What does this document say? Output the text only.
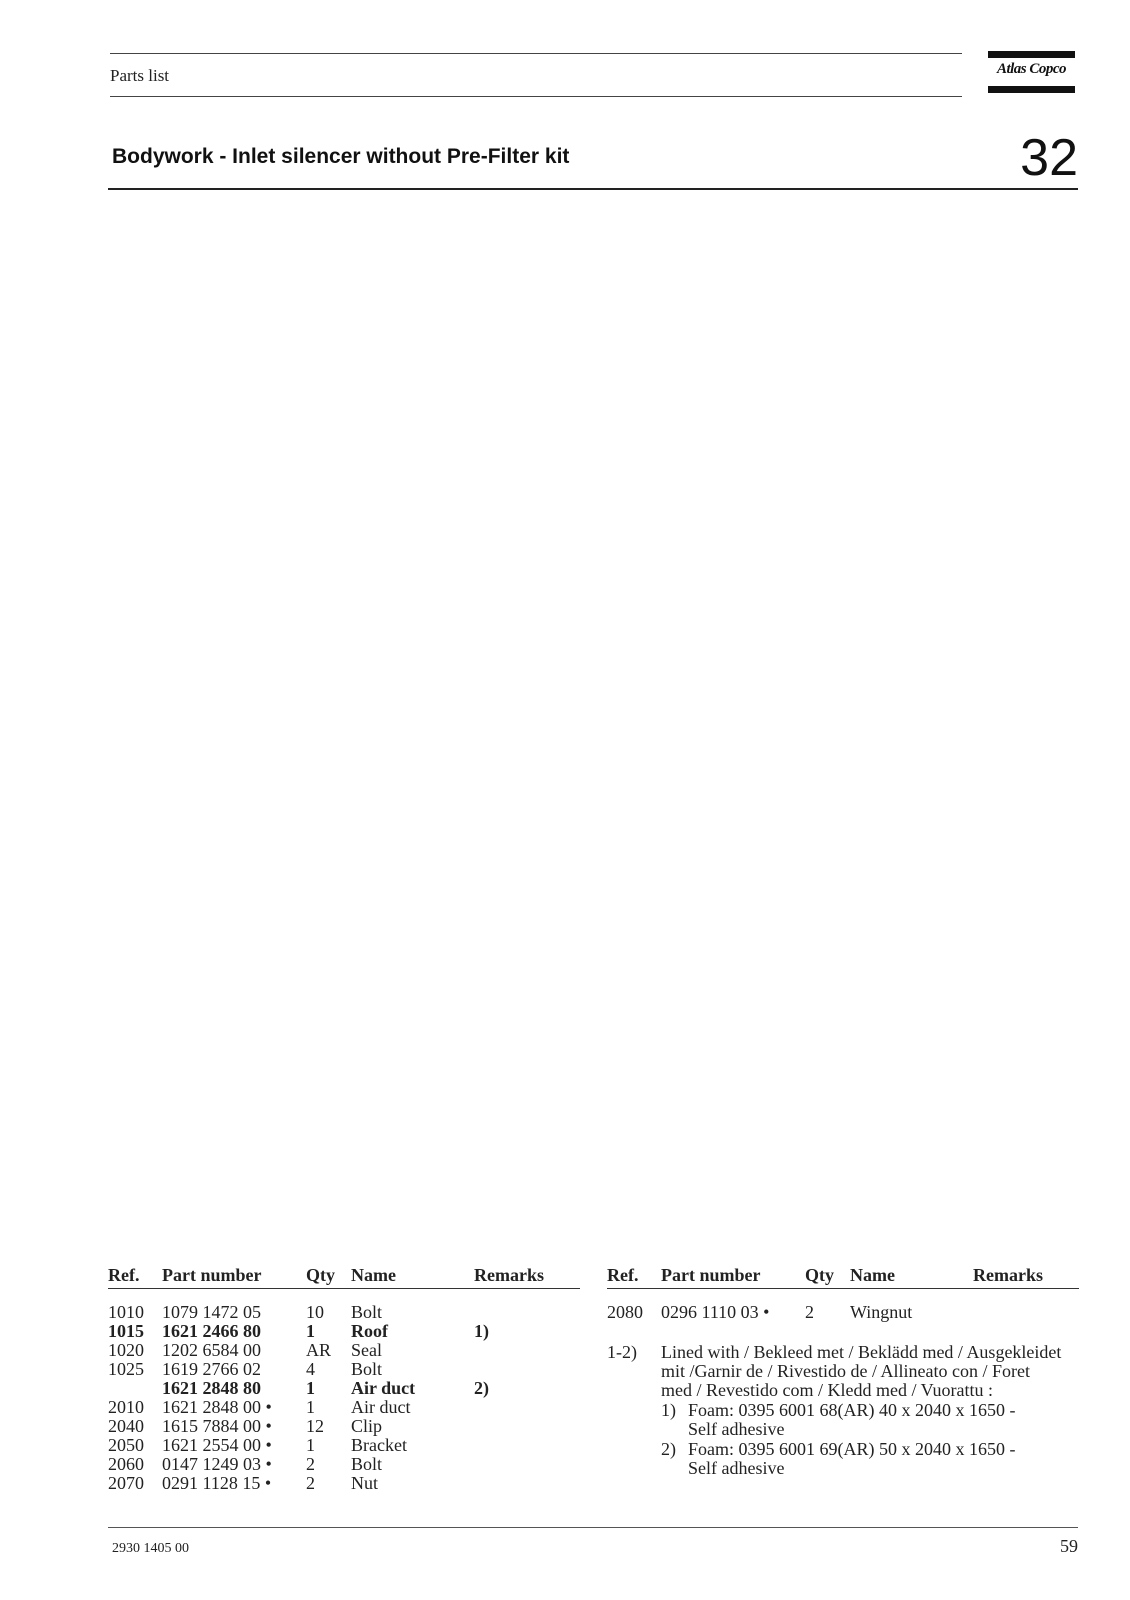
Parts list	Atlas Copco
Bodywork - Inlet silencer without Pre-Filter kit	32
Ref. Part number Qty Name	Remarks
1010 1079 1472 05	10 Bolt
1015 1621 2466 80	1 Roof	1)
1020 1202 6584 00	AR Seal
1025 1619 2766 02	4 Bolt
1621 2848 80	1 Air duct	2)
2010 1621 2848 00 • 1 Air duct
2040 1615 7884 00 • 12 Clip
2050 1621 2554 00 • 1 Bracket
2060 0147 1249 03 • 2 Bolt
2070 0291 1128 15 • 2 Nut
Ref. Part number Qty Name	Remarks
2080 0296 1110 03 • 2 Wingnut
1-2) Lined with / Bekleed met / Beklädd med / Ausgekleidet
mit /Garnir de / Rivestido de / Allineato con / Foret
med / Revestido com / Kledd med / Vuorattu :
1) Foam: 0395 6001 68(AR) 40 x 2040 x 1650 -
Self adhesive
2) Foam: 0395 6001 69(AR) 50 x 2040 x 1650 -
Self adhesive
2930 1405 00	59
